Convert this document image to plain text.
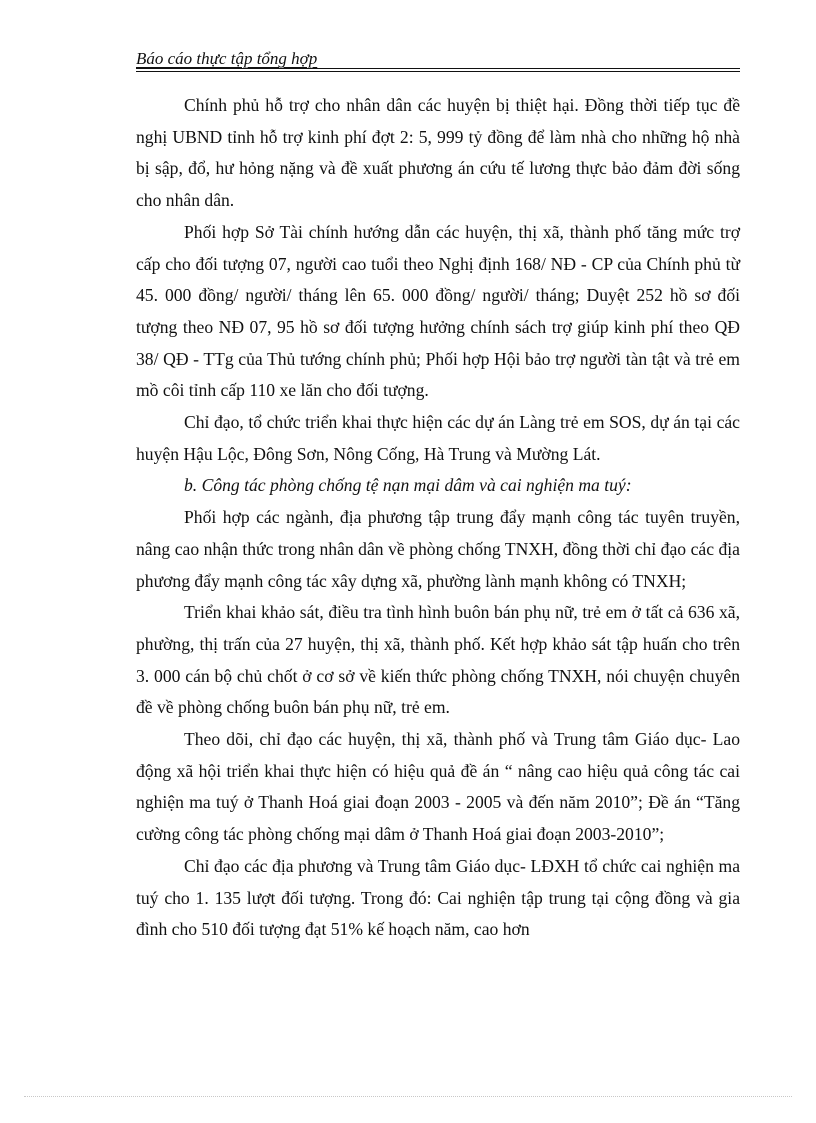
Báo cáo thực tập tổng hợp

Chính phủ hỗ trợ cho nhân dân các huyện bị thiệt hại. Đồng thời tiếp tục đề nghị UBND tỉnh hỗ trợ kinh phí đợt 2: 5, 999 tỷ đồng để làm nhà cho những hộ nhà bị sập, đổ, hư hỏng nặng và đề xuất phương án cứu tế lương thực bảo đảm đời sống cho nhân dân.

Phối hợp Sở Tài chính hướng dẫn các huyện, thị xã, thành phố tăng mức trợ cấp cho đối tượng 07, người cao tuổi theo Nghị định 168/ NĐ - CP của Chính phủ từ 45. 000 đồng/ người/ tháng lên 65. 000 đồng/ người/ tháng; Duyệt 252 hồ sơ đối tượng theo NĐ 07, 95 hồ sơ đối tượng hưởng chính sách trợ giúp kinh phí theo QĐ 38/ QĐ - TTg của Thủ tướng chính phủ; Phối hợp Hội bảo trợ người tàn tật và trẻ em mồ côi tỉnh cấp 110 xe lăn cho đối tượng.

Chỉ đạo, tổ chức triển khai thực hiện các dự án Làng trẻ em SOS, dự án tại các huyện Hậu Lộc, Đông Sơn, Nông Cống, Hà Trung và Mường Lát.

b. Công tác phòng chống tệ nạn mại dâm và cai nghiện ma tuý:

Phối hợp các ngành, địa phương tập trung đẩy mạnh công tác tuyên truyền, nâng cao nhận thức trong nhân dân về phòng chống TNXH, đồng thời chỉ đạo các địa phương đẩy mạnh công tác xây dựng xã, phường lành mạnh không có TNXH;

Triển khai khảo sát, điều tra tình hình buôn bán phụ nữ, trẻ em ở tất cả 636 xã, phường, thị trấn của 27 huyện, thị xã, thành phố. Kết hợp khảo sát tập huấn cho trên 3. 000 cán bộ chủ chốt ở cơ sở về kiến thức phòng chống TNXH, nói chuyện chuyên đề về phòng chống buôn bán phụ nữ, trẻ em.

Theo dõi, chỉ đạo các huyện, thị xã, thành phố và Trung tâm Giáo dục- Lao động xã hội triển khai thực hiện có hiệu quả đề án “ nâng cao hiệu quả công tác cai nghiện ma tuý ở Thanh Hoá giai đoạn 2003 - 2005 và đến năm 2010”; Đề án “Tăng cường công tác phòng chống mại dâm ở Thanh Hoá giai đoạn 2003-2010”;

Chỉ đạo các địa phương và Trung tâm Giáo dục- LĐXH tổ chức cai nghiện ma tuý cho 1. 135 lượt đối tượng. Trong đó: Cai nghiện tập trung tại cộng đồng và gia đình cho 510 đối tượng đạt 51% kế hoạch năm, cao hơn
